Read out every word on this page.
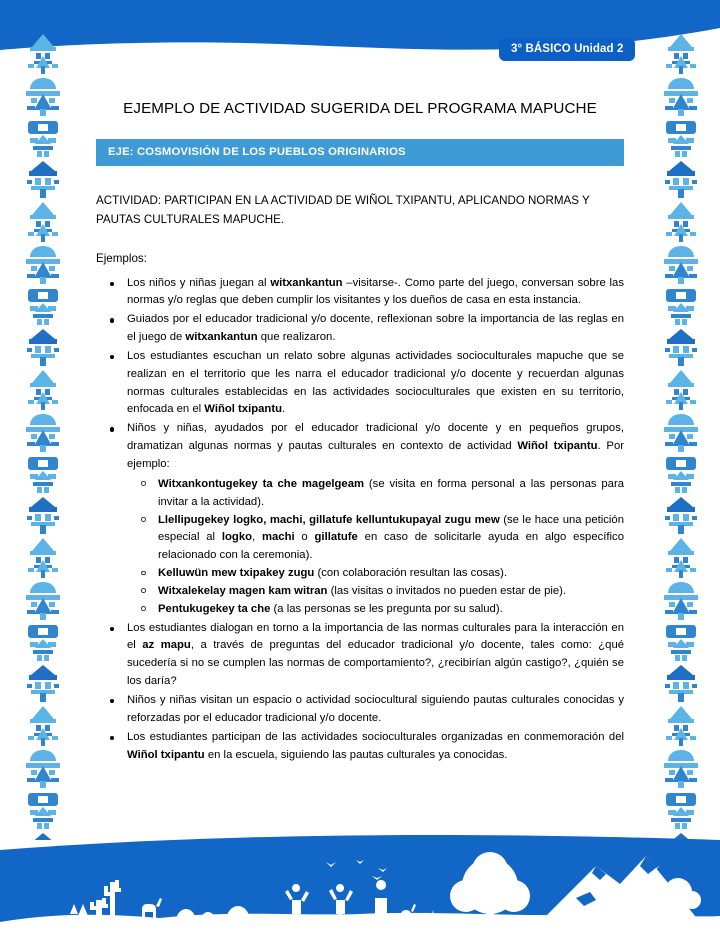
3° BÁSICO Unidad 2
EJEMPLO DE ACTIVIDAD SUGERIDA DEL PROGRAMA MAPUCHE
EJE: COSMOVISIÓN DE LOS PUEBLOS ORIGINARIOS

ACTIVIDAD: PARTICIPAN EN LA ACTIVIDAD DE WIÑOL TXIPANTU, APLICANDO NORMAS Y PAUTAS CULTURALES MAPUCHE.

Ejemplos:

Los niños y niñas juegan al witxankantun –visitarse-. Como parte del juego, conversan sobre las normas y/o reglas que deben cumplir los visitantes y los dueños de casa en esta instancia.
Guiados por el educador tradicional y/o docente, reflexionan sobre la importancia de las reglas en el juego de witxankantun que realizaron.
Los estudiantes escuchan un relato sobre algunas actividades socioculturales mapuche que se realizan en el territorio que les narra el educador tradicional y/o docente y recuerdan algunas normas culturales establecidas en las actividades socioculturales que existen en su territorio, enfocada en el Wiñol txipantu.
Niños y niñas, ayudados por el educador tradicional y/o docente y en pequeños grupos, dramatizan algunas normas y pautas culturales en contexto de actividad Wiñol txipantu. Por ejemplo:
Witxankontugekey ta che magelgeam (se visita en forma personal a las personas para invitar a la actividad).
Llellipugekey logko, machi, gillatufe kelluntukupayal zugu mew (se le hace una petición especial al logko, machi o gillatufe en caso de solicitarle ayuda en algo específico relacionado con la ceremonia).
Kelluwün mew txipakey zugu (con colaboración resultan las cosas).
Witxalekelay magen kam witran (las visitas o invitados no pueden estar de pie).
Pentukugekey ta che (a las personas se les pregunta por su salud).
Los estudiantes dialogan en torno a la importancia de las normas culturales para la interacción en el az mapu, a través de preguntas del educador tradicional y/o docente, tales como: ¿qué sucedería si no se cumplen las normas de comportamiento?, ¿recibirían algún castigo?, ¿quién se los daría?
Niños y niñas visitan un espacio o actividad sociocultural siguiendo pautas culturales conocidas y reforzadas por el educador tradicional y/o docente.
Los estudiantes participan de las actividades socioculturales organizadas en conmemoración del Wiñol txipantu en la escuela, siguiendo las pautas culturales ya conocidas.
